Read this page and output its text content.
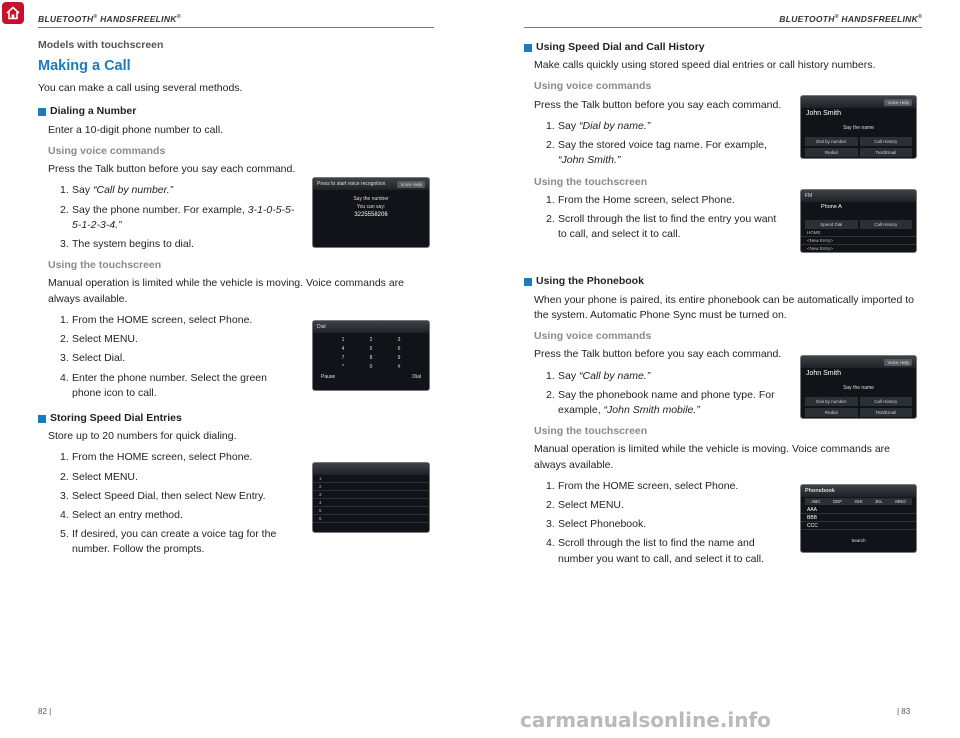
BLUETOOTH® HANDSFREELINK®	BLUETOOTH® HANDSFREELINK®
Models with touchscreen
Making a Call
You can make a call using several methods.
Dialing a Number
Enter a 10-digit phone number to call.
Using voice commands
Press the Talk button before you say each command.
1. Say “Call by number.”
2. Say the phone number. For example, 3-1-0-5-5-5-1-2-3-4.”
3. The system begins to dial.
Using the touchscreen
Manual operation is limited while the vehicle is moving. Voice commands are always available.
1. From the HOME screen, select Phone.
2. Select MENU.
3. Select Dial.
4. Enter the phone number. Select the green phone icon to call.
Storing Speed Dial Entries
Store up to 20 numbers for quick dialing.
1. From the HOME screen, select Phone.
2. Select MENU.
3. Select Speed Dial, then select New Entry.
4. Select an entry method.
5. If desired, you can create a voice tag for the number. Follow the prompts.
Using Speed Dial and Call History
Make calls quickly using stored speed dial entries or call history numbers.
Using voice commands
Press the Talk button before you say each command.
1. Say “Dial by name.”
2. Say the stored voice tag name. For example, “John Smith.”
Using the touchscreen
1. From the Home screen, select Phone.
2. Scroll through the list to find the entry you want to call, and select it to call.
Using the Phonebook
When your phone is paired, its entire phonebook can be automatically imported to the system. Automatic Phone Sync must be turned on.
Using voice commands
Press the Talk button before you say each command.
1. Say “Call by name.”
2. Say the phonebook name and phone type. For example, “John Smith mobile.”
Using the touchscreen
Manual operation is limited while the vehicle is moving. Voice commands are always available.
1. From the HOME screen, select Phone.
2. Select MENU.
3. Select Phonebook.
4. Scroll through the list to find the name and number you want to call, and select it to call.
Press to start voice recognition	Voice Help
Say the number
You can say:
3225558206
Dial
1	2	3
4	5	6
7	8	9
*	0	#
Pause	Dial
1
2
3
4
5
6
Voice Help
John Smith
Say the name
Dial by number	Call History
Redial	Text/Email
FM
Phone A
Speed Dial	Call History
HOME
<New Entry>
<New Entry>
Voice Help
John Smith
Say the name
Dial by number	Call History
Redial	Text/Email
Phonebook
ABC	DEF	GHI	JKL	MNO
AAA
BBB
CCC
Search
82 |	| 83
carmanualsonline.info
